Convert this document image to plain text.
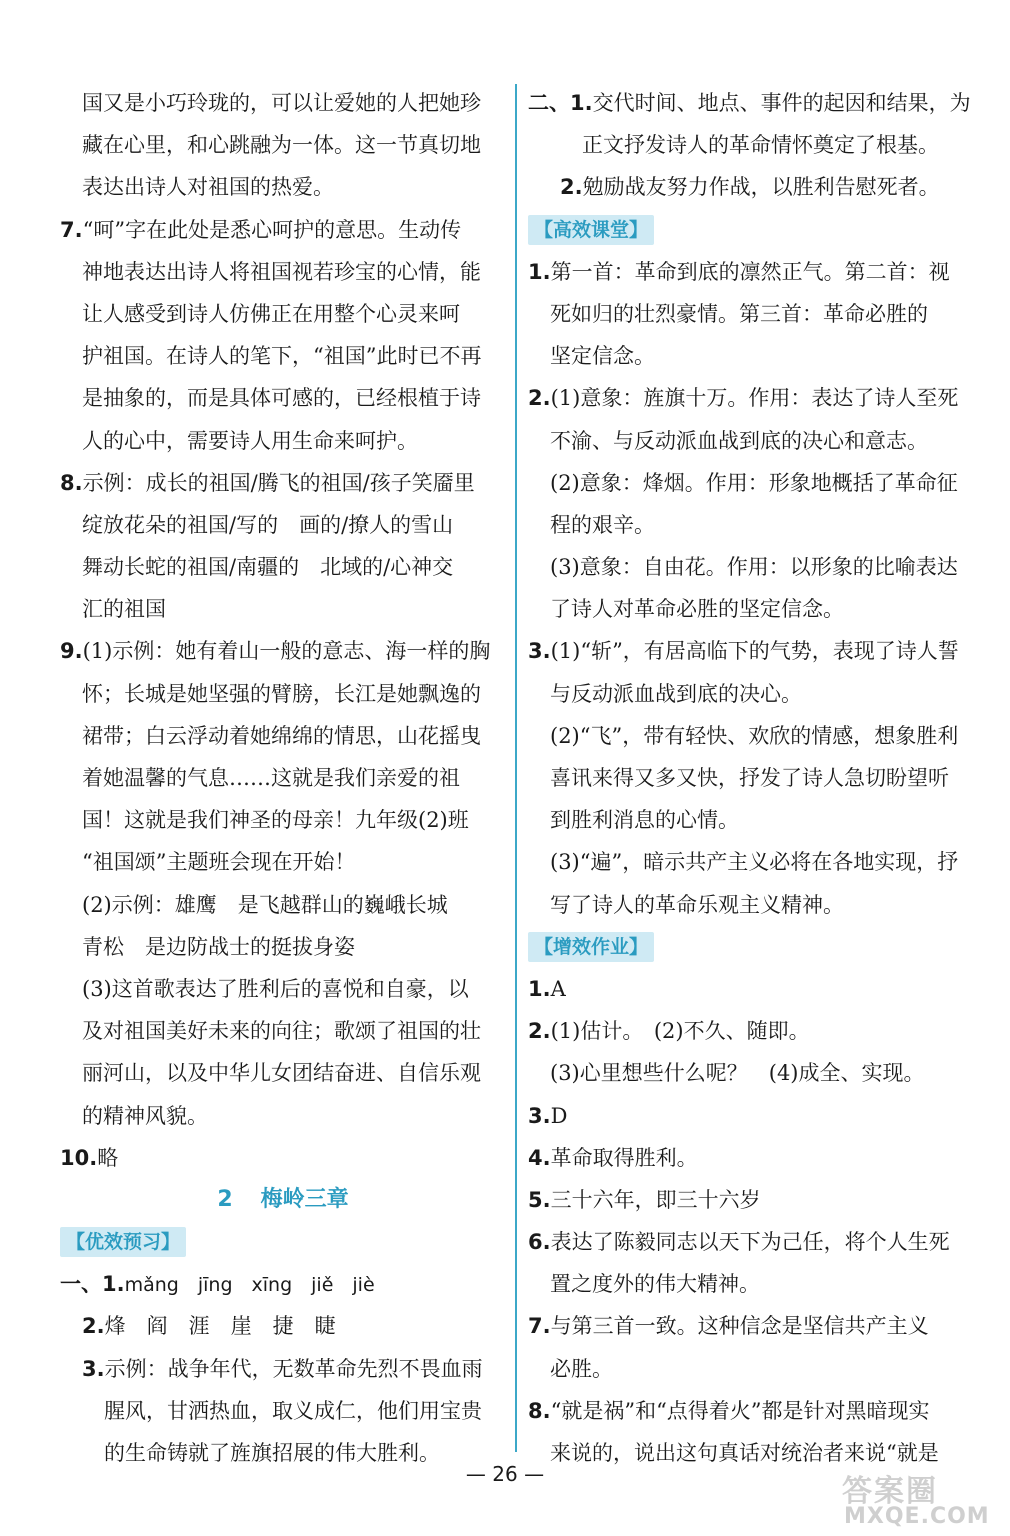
国又是小巧玲珑的，可以让爱她的人把她珍
藏在心里，和心跳融为一体。这一节真切地
表达出诗人对祖国的热爱。
7.“呵”字在此处是悉心呵护的意思。生动传
神地表达出诗人将祖国视若珍宝的心情，能
让人感受到诗人仿佛正在用整个心灵来呵
护祖国。在诗人的笔下，“祖国”此时已不再
是抽象的，而是具体可感的，已经根植于诗
人的心中，需要诗人用生命来呵护。
8.示例：成长的祖国/腾飞的祖国/孩子笑靥里
绽放花朵的祖国/写的　画的/撩人的雪山
舞动长蛇的祖国/南疆的　北域的/心神交
汇的祖国
9.(1)示例：她有着山一般的意志、海一样的胸
怀；长城是她坚强的臂膀，长江是她飘逸的
裙带；白云浮动着她绵绵的情思，山花摇曳
着她温馨的气息……这就是我们亲爱的祖
国！这就是我们神圣的母亲！九年级(2)班
“祖国颂”主题班会现在开始！
(2)示例：雄鹰　是飞越群山的巍峨长城
青松　是边防战士的挺拔身姿
(3)这首歌表达了胜利后的喜悦和自豪，以
及对祖国美好未来的向往；歌颂了祖国的壮
丽河山，以及中华儿女团结奋进、自信乐观
的精神风貌。
10.略
2 梅岭三章
【优效预习】
一、1.mǎng　jīng　xīng　jiě　jiè
2.烽　阎　涯　崖　捷　睫
3.示例：战争年代，无数革命先烈不畏血雨
腥风，甘洒热血，取义成仁，他们用宝贵
的生命铸就了旌旗招展的伟大胜利。
二、1.交代时间、地点、事件的起因和结果，为
正文抒发诗人的革命情怀奠定了根基。
2.勉励战友努力作战，以胜利告慰死者。
【高效课堂】
1.第一首：革命到底的凛然正气。第二首：视
死如归的壮烈豪情。第三首：革命必胜的
坚定信念。
2.(1)意象：旌旗十万。作用：表达了诗人至死
不渝、与反动派血战到底的决心和意志。
(2)意象：烽烟。作用：形象地概括了革命征
程的艰辛。
(3)意象：自由花。作用：以形象的比喻表达
了诗人对革命必胜的坚定信念。
3.(1)“斩”，有居高临下的气势，表现了诗人誓
与反动派血战到底的决心。
(2)“飞”，带有轻快、欢欣的情感，想象胜利
喜讯来得又多又快，抒发了诗人急切盼望听
到胜利消息的心情。
(3)“遍”，暗示共产主义必将在各地实现，抒
写了诗人的革命乐观主义精神。
【增效作业】
1.A
2.(1)估计。　(2)不久、随即。
(3)心里想些什么呢？　(4)成全、实现。
3.D
4.革命取得胜利。
5.三十六年，即三十六岁
6.表达了陈毅同志以天下为己任，将个人生死
置之度外的伟大精神。
7.与第三首一致。这种信念是坚信共产主义
必胜。
8.“就是祸”和“点得着火”都是针对黑暗现实
来说的，说出这句真话对统治者来说“就是
— 26 —	答案圈
MXQE.COM
